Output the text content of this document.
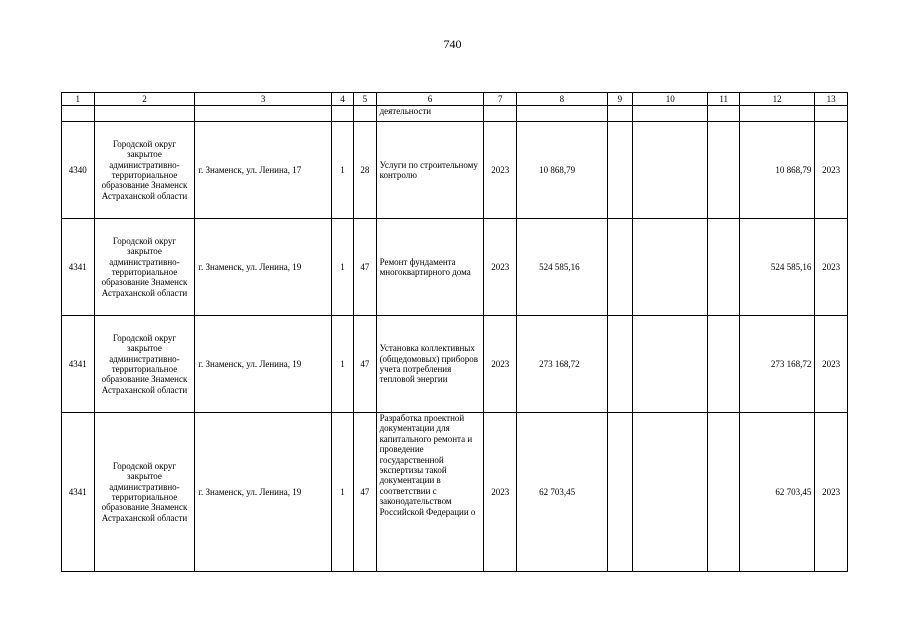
740
1	2	3	4	5	6	7	8	9	10	11	12	13
					деятельности							
4340	Городской округ закрытое административно-территориальное образование Знаменск Астраханской области	г. Знаменск, ул. Ленина, 17	1	28	Услуги по строительному контролю	2023	10 868,79				10 868,79	2023
4341	Городской округ закрытое административно-территориальное образование Знаменск Астраханской области	г. Знаменск, ул. Ленина, 19	1	47	Ремонт фундамента многоквартирного дома	2023	524 585,16				524 585,16	2023
4341	Городской округ закрытое административно-территориальное образование Знаменск Астраханской области	г. Знаменск, ул. Ленина, 19	1	47	Установка коллективных (общедомовых) приборов учета потребления тепловой энергии	2023	273 168,72				273 168,72	2023
4341	Городской округ закрытое административно-территориальное образование Знаменск Астраханской области	г. Знаменск, ул. Ленина, 19	1	47	Разработка проектной документации для капитального ремонта и проведение государственной экспертизы такой документации в соответствии с законодательством Российской Федерации о	2023	62 703,45				62 703,45	2023
